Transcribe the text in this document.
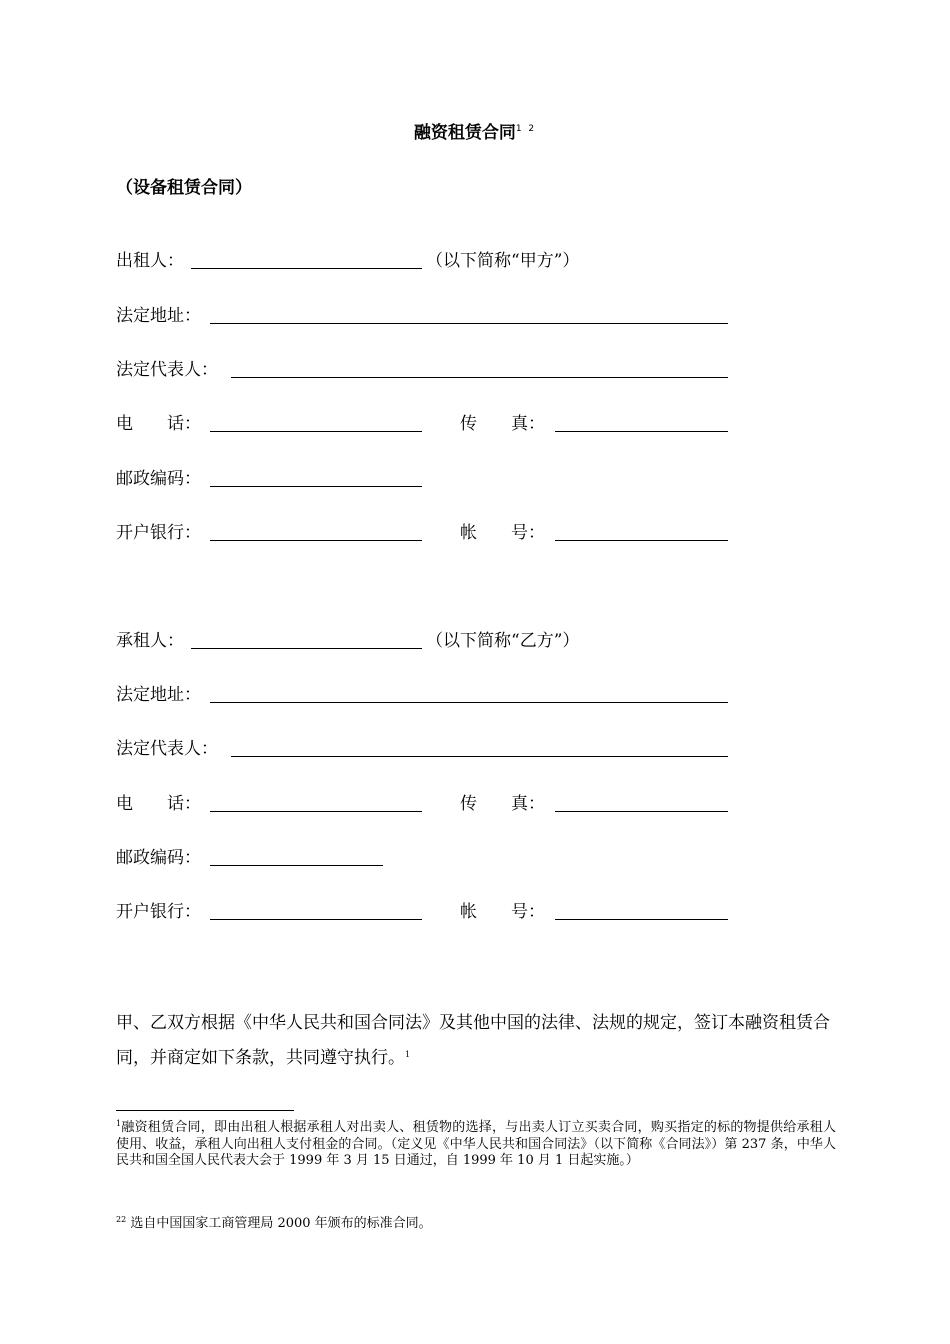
融资租赁合同$^{1 2}$
（设备租赁合同）
出租人：	（以下简称“甲方”）
法定地址：
法定代表人：
电　　话：	传　　真：
邮政编码：
开户银行：	帐　　号：
承租人：	（以下简称“乙方”）
法定地址：
法定代表人：
电　　话：	传　　真：
邮政编码：
开户银行：	帐　　号：
甲、乙双方根据《中华人民共和国合同法》及其他中国的法律、法规的规定，签订本融资租赁合同，并商定如下条款，共同遵守执行。$^1$
$^1$融资租赁合同，即由出租人根据承租人对出卖人、租赁物的选择，与出卖人订立买卖合同，购买指定的标的物提供给承租人使用、收益，承租人向出租人支付租金的合同。（定义见《中华人民共和国合同法》（以下简称《合同法》）第 237 条，中华人民共和国全国人民代表大会于 1999 年 3 月 15 日通过，自 1999 年 10 月 1 日起实施。）
$^{22}$ 选自中国国家工商管理局 2000 年颁布的标准合同。
